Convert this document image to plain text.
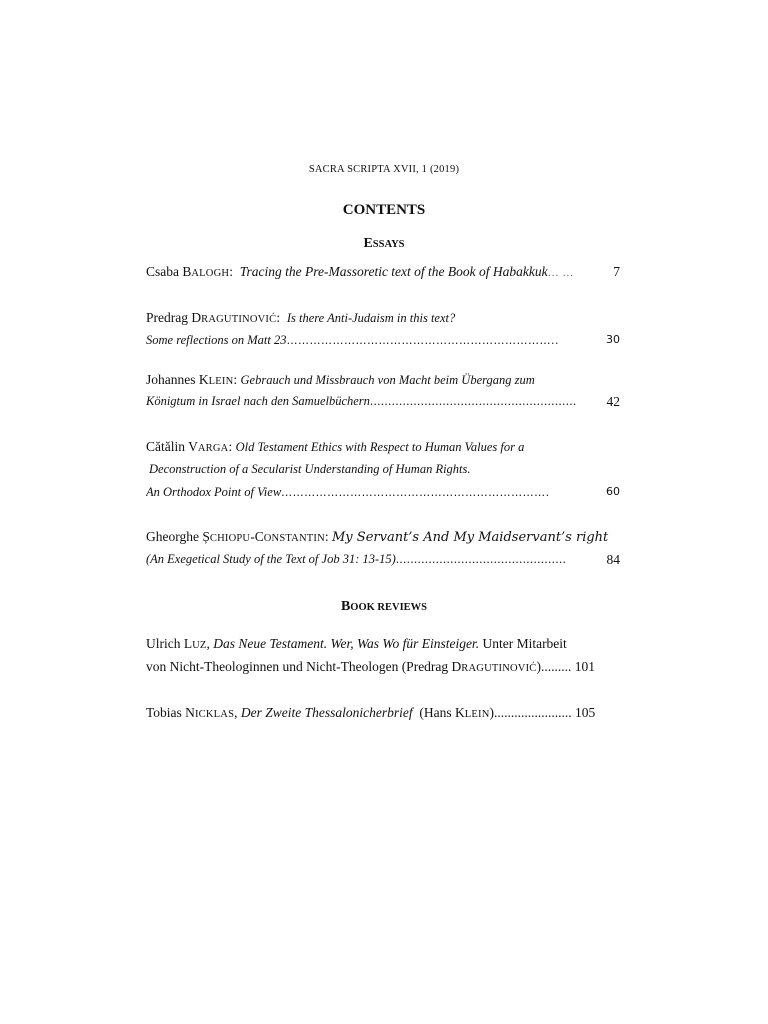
SACRA SCRIPTA XVII, 1 (2019)
CONTENTS
ESSAYS
Csaba BALOGH: Tracing the Pre-Massoretic text of the Book of Habakkuk… …	7
Predrag DRAGUTINOVIĆ: Is there Anti-Judaism in this text?
Some reflections on Matt 23……………………………………………………………..	30
Johannes KLEIN: Gebrauch und Missbrauch von Macht beim Übergang zum
Königtum in Israel nach den Samuelbüchern......................................................... 42
Cătălin VARGA: Old Testament Ethics with Respect to Human Values for a
Deconstruction of a Secularist Understanding of Human Rights.
An Orthodox Point of View…………………………………………………………….	60
Gheorghe ȘCHIOPU-CONSTANTIN: My Servant’s And My Maidservant’s right
(An Exegetical Study of the Text of Job 31: 13-15)...............................................	84
BOOK REVIEWS
Ulrich LUZ, Das Neue Testament. Wer, Was Wo für Einsteiger. Unter Mitarbeit
von Nicht-Theologinnen und Nicht-Theologen (Predrag DRAGUTINOVIĆ)......... 101
Tobias NICKLAS, Der Zweite Thessalonicherbrief (Hans KLEIN)....................... 105
